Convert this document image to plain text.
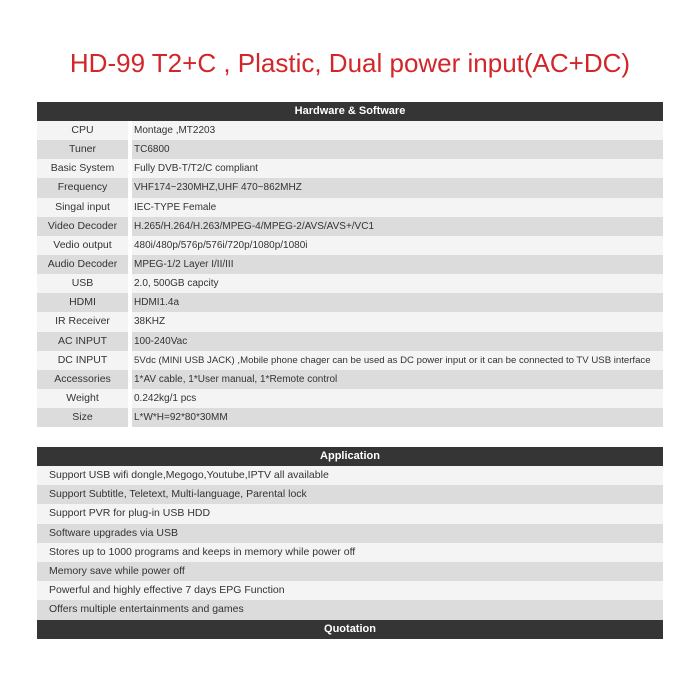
HD-99 T2+C , Plastic, Dual power input(AC+DC)
Hardware & Software
CPU	Montage ,MT2203
Tuner	TC6800
Basic System	Fully DVB-T/T2/C compliant
Frequency	VHF174~230MHZ,UHF 470~862MHZ
Singal input	IEC-TYPE Female
Video Decoder	H.265/H.264/H.263/MPEG-4/MPEG-2/AVS/AVS+/VC1
Vedio output	480i/480p/576p/576i/720p/1080p/1080i
Audio Decoder	MPEG-1/2 Layer I/II/III
USB	2.0, 500GB capcity
HDMI	HDMI1.4a
IR Receiver	38KHZ
AC INPUT	100-240Vac
DC INPUT	5Vdc (MINI USB JACK) ,Mobile phone chager can be used as DC power input or it can be connected to TV USB interface
Accessories	1*AV cable, 1*User manual, 1*Remote control
Weight	0.242kg/1 pcs
Size	L*W*H=92*80*30MM
Application
Support USB wifi dongle,Megogo,Youtube,IPTV all available
Support Subtitle, Teletext, Multi-language, Parental lock
Support PVR for plug-in USB HDD
Software upgrades via USB
Stores up to 1000 programs and keeps in memory while power off
Memory save while power off
Powerful and highly effective 7 days EPG Function
Offers multiple entertainments and games
Quotation
